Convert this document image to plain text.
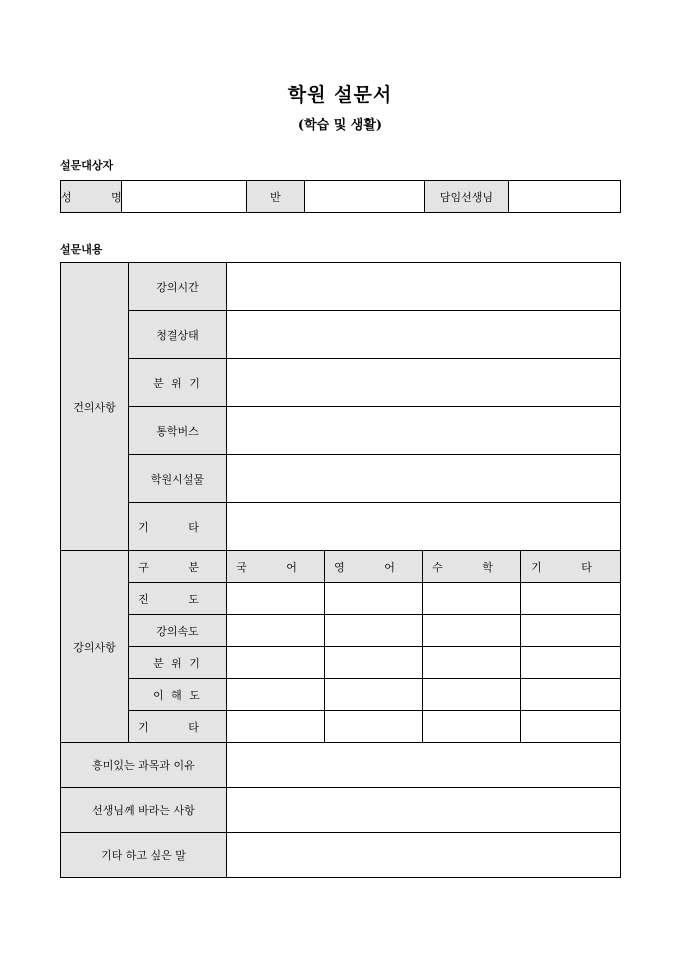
학원 설문서
(학습 및 생활)
설문대상자
성 명		반		담임선생님	
설문내용
건의사항	강의시간				
	청결상태				
	분 위 기				
	통학버스				
	학원시설물				
	기 타				
강의사항	구 분	국 어	영 어	수 학	기 타
	진 도				
	강의속도				
	분 위 기				
	이 해 도				
	기 타				
흥미있는 과목과 이유					
선생님께 바라는 사항					
기타 하고 싶은 말					
